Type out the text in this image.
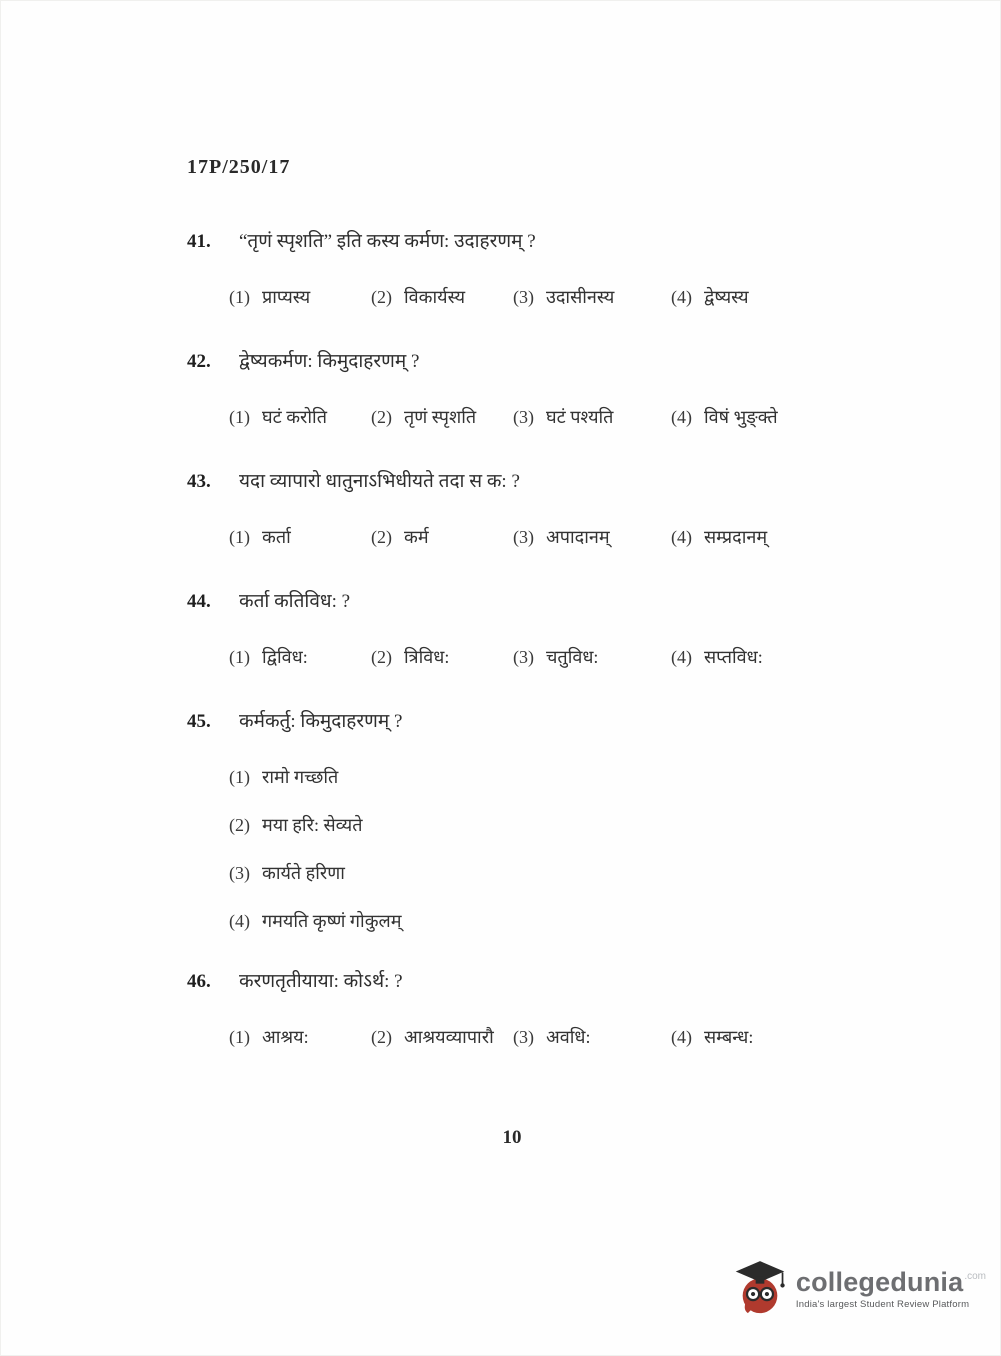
17P/250/17
41.	“तृणं स्पृशति” इति कस्य कर्मण: उदाहरणम् ?
(1) प्राप्यस्य	(2) विकार्यस्य	(3) उदासीनस्य	(4) द्वेष्यस्य
42.	द्वेष्यकर्मण: किमुदाहरणम् ?
(1) घटं करोति (2) तृणं स्पृशति (3) घटं पश्यति	(4) विषं भुङ्क्ते
43.	यदा व्यापारो धातुनाऽभिधीयते तदा स क: ?
(1) कर्ता	(2) कर्म	(3) अपादानम्	(4) सम्प्रदानम्
44.	कर्ता कतिविध: ?
(1) द्विविध:	(2) त्रिविध:	(3) चतुविध:	(4) सप्तविध:
45.	कर्मकर्तु: किमुदाहरणम् ?
(1) रामो गच्छति
(2) मया हरि: सेव्यते
(3) कार्यते हरिणा
(4) गमयति कृष्णं गोकुलम्
46.	करणतृतीयाया: कोऽर्थ: ?
(1) आश्रय:	(2) आश्रयव्यापारौ (3) अवधि:	(4) सम्बन्ध:
10
collegedunia .com
India's largest Student Review Platform
